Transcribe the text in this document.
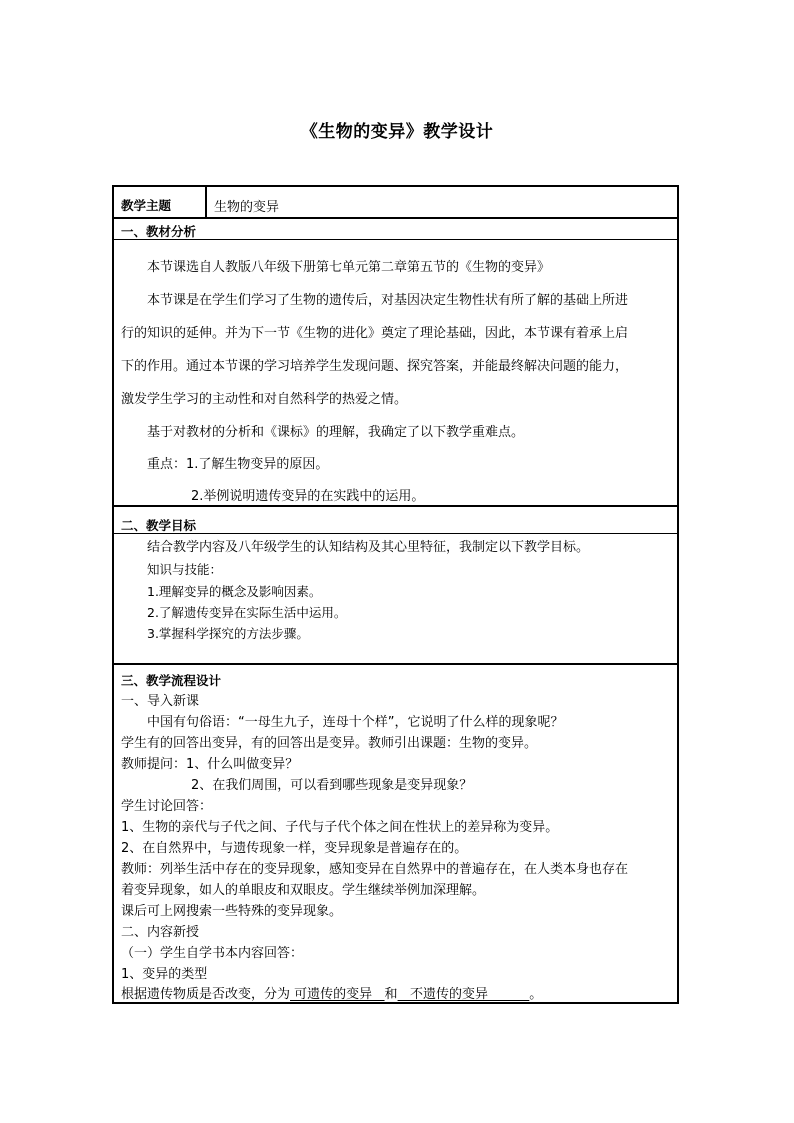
《生物的变异》教学设计
教学主题	生物的变异
一、教材分析
本节课选自人教版八年级下册第七单元第二章第五节的《生物的变异》
本节课是在学生们学习了生物的遗传后，对基因决定生物性状有所了解的基础上所进
行的知识的延伸。并为下一节《生物的进化》奠定了理论基础，因此，本节课有着承上启
下的作用。通过本节课的学习培养学生发现问题、探究答案，并能最终解决问题的能力，
激发学生学习的主动性和对自然科学的热爱之情。
基于对教材的分析和《课标》的理解，我确定了以下教学重难点。
重点：1.了解生物变异的原因。
2.举例说明遗传变异的在实践中的运用。
二、教学目标
结合教学内容及八年级学生的认知结构及其心里特征，我制定以下教学目标。
知识与技能：
1.理解变异的概念及影响因素。
2.了解遗传变异在实际生活中运用。
3.掌握科学探究的方法步骤。
三、教学流程设计
一、导入新课
中国有句俗语：“一母生九子，连母十个样”，它说明了什么样的现象呢？
学生有的回答出变异，有的回答出是变异。教师引出课题：生物的变异。
教师提问：1、什么叫做变异？
2、在我们周围，可以看到哪些现象是变异现象？
学生讨论回答：
1、生物的亲代与子代之间、子代与子代个体之间在性状上的差异称为变异。
2、在自然界中，与遗传现象一样，变异现象是普遍存在的。
教师：列举生活中存在的变异现象，感知变异在自然界中的普遍存在，在人类本身也存在
着变异现象，如人的单眼皮和双眼皮。学生继续举例加深理解。
课后可上网搜索一些特殊的变异现象。
二、内容新授
（一）学生自学书本内容回答：
1、变异的类型
根据遗传物质是否改变，分为 可遗传的变异   和   不遗传的变异          。
